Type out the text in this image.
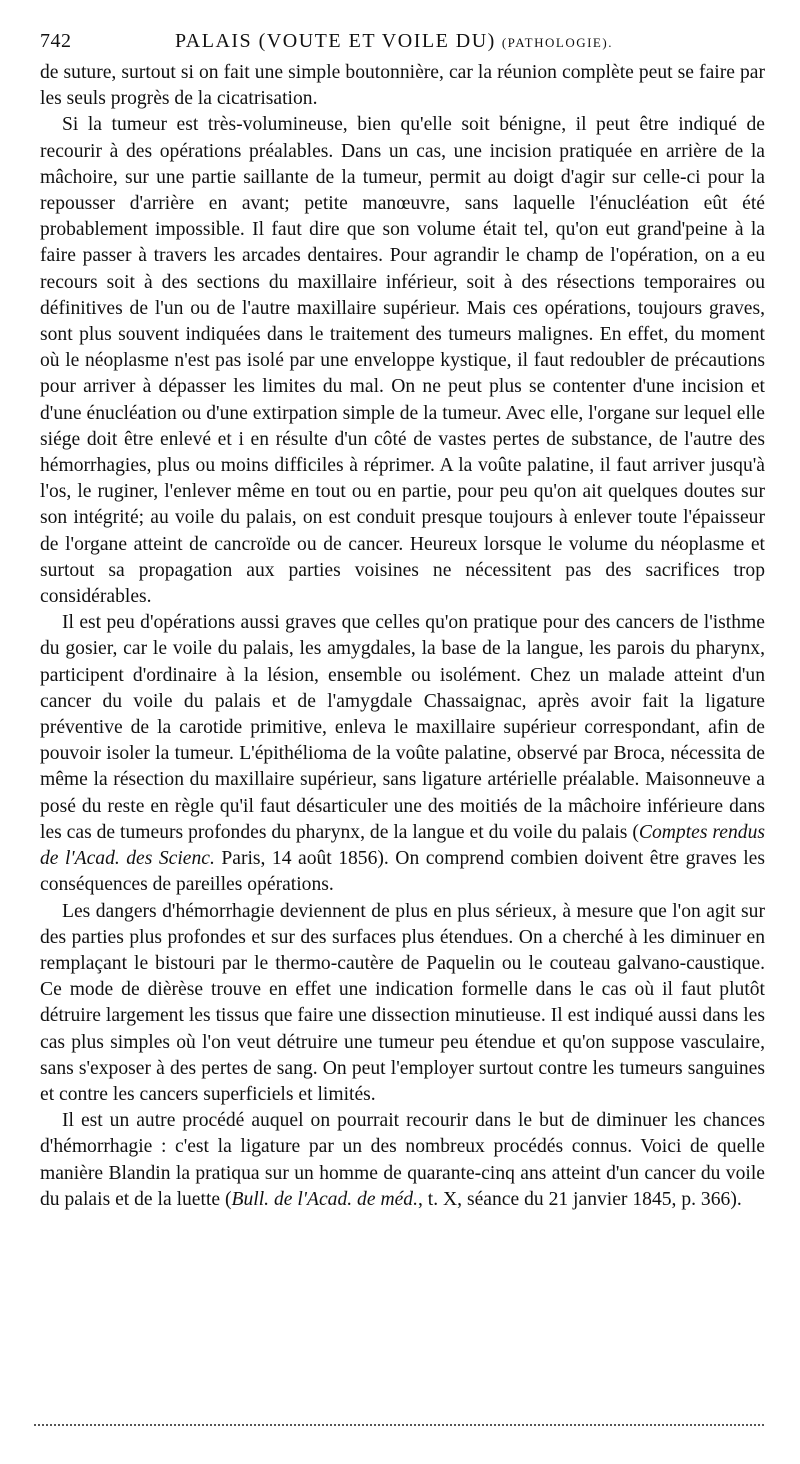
742	PALAIS (VOUTE ET VOILE DU) (PATHOLOGIE).

de suture, surtout si on fait une simple boutonnière, car la réunion complète peut se faire par les seuls progrès de la cicatrisation.

Si la tumeur est très-volumineuse, bien qu'elle soit bénigne, il peut être indiqué de recourir à des opérations préalables. Dans un cas, une incision pratiquée en arrière de la mâchoire, sur une partie saillante de la tumeur, permit au doigt d'agir sur celle-ci pour la repousser d'arrière en avant; petite manœuvre, sans laquelle l'énucléation eût été probablement impossible. Il faut dire que son volume était tel, qu'on eut grand'peine à la faire passer à travers les arcades dentaires. Pour agrandir le champ de l'opération, on a eu recours soit à des sections du maxillaire inférieur, soit à des résections temporaires ou définitives de l'un ou de l'autre maxillaire supérieur. Mais ces opérations, toujours graves, sont plus souvent indiquées dans le traitement des tumeurs malignes. En effet, du moment où le néoplasme n'est pas isolé par une enveloppe kystique, il faut redoubler de précautions pour arriver à dépasser les limites du mal. On ne peut plus se contenter d'une incision et d'une énucléation ou d'une extirpation simple de la tumeur. Avec elle, l'organe sur lequel elle siége doit être enlevé et i en résulte d'un côté de vastes pertes de substance, de l'autre des hémorrhagies, plus ou moins difficiles à réprimer. A la voûte palatine, il faut arriver jusqu'à l'os, le ruginer, l'enlever même en tout ou en partie, pour peu qu'on ait quelques doutes sur son intégrité; au voile du palais, on est conduit presque toujours à enlever toute l'épaisseur de l'organe atteint de cancroïde ou de cancer. Heureux lorsque le volume du néoplasme et surtout sa propagation aux parties voisines ne nécessitent pas des sacrifices trop considérables.

Il est peu d'opérations aussi graves que celles qu'on pratique pour des cancers de l'isthme du gosier, car le voile du palais, les amygdales, la base de la langue, les parois du pharynx, participent d'ordinaire à la lésion, ensemble ou isolément. Chez un malade atteint d'un cancer du voile du palais et de l'amygdale Chassaignac, après avoir fait la ligature préventive de la carotide primitive, enleva le maxillaire supérieur correspondant, afin de pouvoir isoler la tumeur. L'épithélioma de la voûte palatine, observé par Broca, nécessita de même la résection du maxillaire supérieur, sans ligature artérielle préalable. Maisonneuve a posé du reste en règle qu'il faut désarticuler une des moitiés de la mâchoire inférieure dans les cas de tumeurs profondes du pharynx, de la langue et du voile du palais (Comptes rendus de l'Acad. des Scienc. Paris, 14 août 1856). On comprend combien doivent être graves les conséquences de pareilles opérations.

Les dangers d'hémorrhagie deviennent de plus en plus sérieux, à mesure que l'on agit sur des parties plus profondes et sur des surfaces plus étendues. On a cherché à les diminuer en remplaçant le bistouri par le thermo-cautère de Paquelin ou le couteau galvano-caustique. Ce mode de dièrèse trouve en effet une indication formelle dans le cas où il faut plutôt détruire largement les tissus que faire une dissection minutieuse. Il est indiqué aussi dans les cas plus simples où l'on veut détruire une tumeur peu étendue et qu'on suppose vasculaire, sans s'exposer à des pertes de sang. On peut l'employer surtout contre les tumeurs sanguines et contre les cancers superficiels et limités.

Il est un autre procédé auquel on pourrait recourir dans le but de diminuer les chances d'hémorrhagie : c'est la ligature par un des nombreux procédés connus. Voici de quelle manière Blandin la pratiqua sur un homme de quarante-cinq ans atteint d'un cancer du voile du palais et de la luette (Bull. de l'Acad. de méd., t. X, séance du 21 janvier 1845, p. 366).
